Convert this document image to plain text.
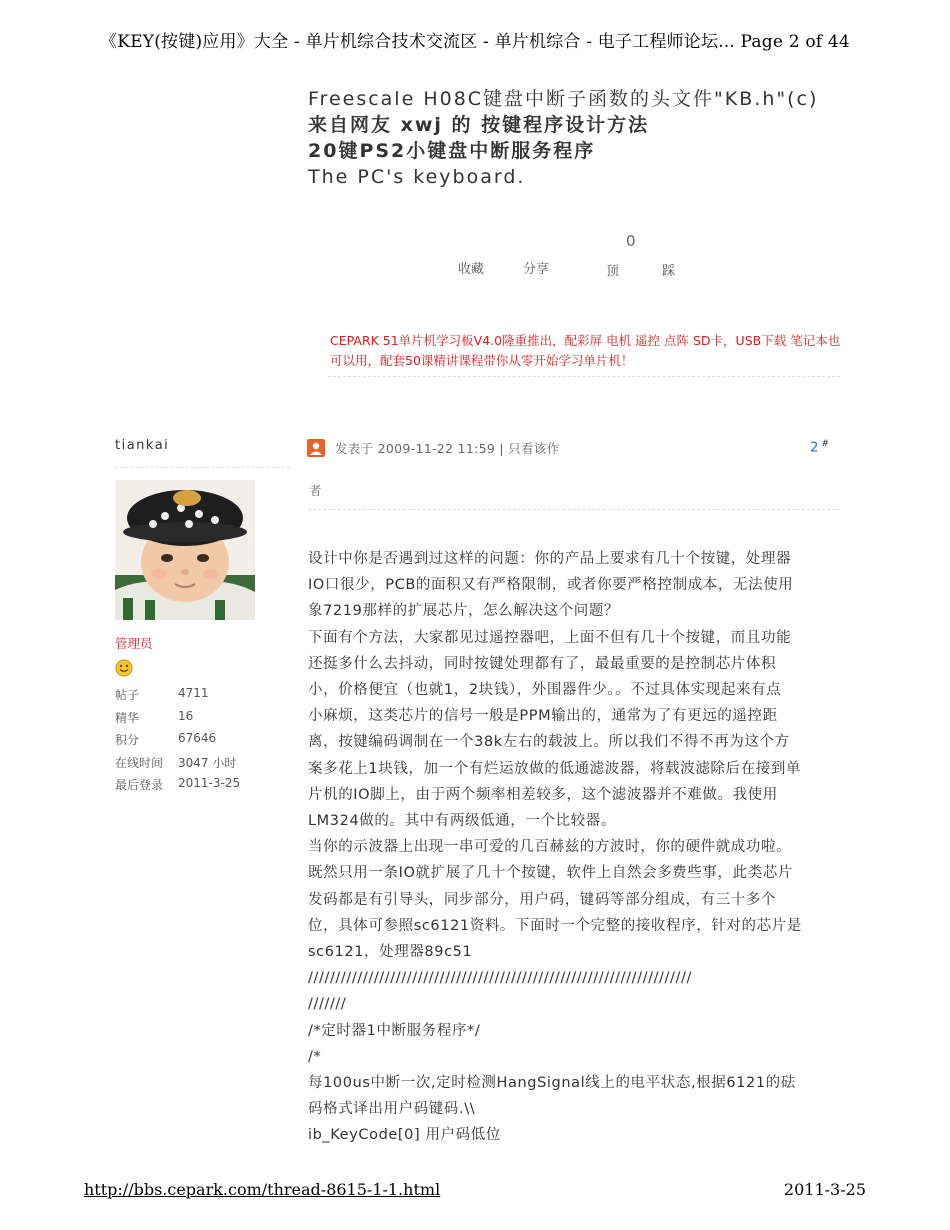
《KEY(按键)应用》大全 - 单片机综合技术交流区 - 单片机综合 - 电子工程师论坛... Page 2 of 44
Freescale H08C键盘中断子函数的头文件"KB.h"(c)
来自网友 xwj 的 按键程序设计方法
20键PS2小键盘中断服务程序
The PC's keyboard.
0
收藏	分享	顶	踩
CEPARK 51单片机学习板V4.0隆重推出，配彩屏 电机 遥控 点阵 SD卡，USB下载 笔记本也可以用，配套50课精讲课程带你从零开始学习单片机！
tiankai
管理员
帖子	4711
精华	16
积分	67646
在线时间	3047 小时
最后登录	2011-3-25
发表于 2009-11-22 11:59 | 只看该作	2 #
者
设计中你是否遇到过这样的问题：你的产品上要求有几十个按键，处理器
IO口很少，PCB的面积又有严格限制，或者你要严格控制成本，无法使用
象7219那样的扩展芯片，怎么解决这个问题？
下面有个方法，大家都见过遥控器吧，上面不但有几十个按键，而且功能
还挺多什么去抖动，同时按键处理都有了，最最重要的是控制芯片体积
小，价格便宜（也就1，2块钱），外围器件少。。不过具体实现起来有点
小麻烦，这类芯片的信号一般是PPM输出的，通常为了有更远的遥控距
离，按键编码调制在一个38k左右的载波上。所以我们不得不再为这个方
案多花上1块钱，加一个有烂运放做的低通滤波器，将载波滤除后在接到单
片机的IO脚上，由于两个频率相差较多，这个滤波器并不难做。我使用
LM324做的。其中有两级低通，一个比较器。
当你的示波器上出现一串可爱的几百赫兹的方波时，你的硬件就成功啦。
既然只用一条IO就扩展了几十个按键，软件上自然会多费些事，此类芯片
发码都是有引导头，同步部分，用户码，键码等部分组成，有三十多个
位，具体可参照sc6121资料。下面时一个完整的接收程序，针对的芯片是
sc6121，处理器89c51
//////////////////////////////////////////////////////////////////////
///////
/*定时器1中断服务程序*/
/*
每100us中断一次,定时检测HangSignal线上的电平状态,根据6121的砝
码格式译出用户码键码.\\
ib_KeyCode[0] 用户码低位
http://bbs.cepark.com/thread-8615-1-1.html	2011-3-25
